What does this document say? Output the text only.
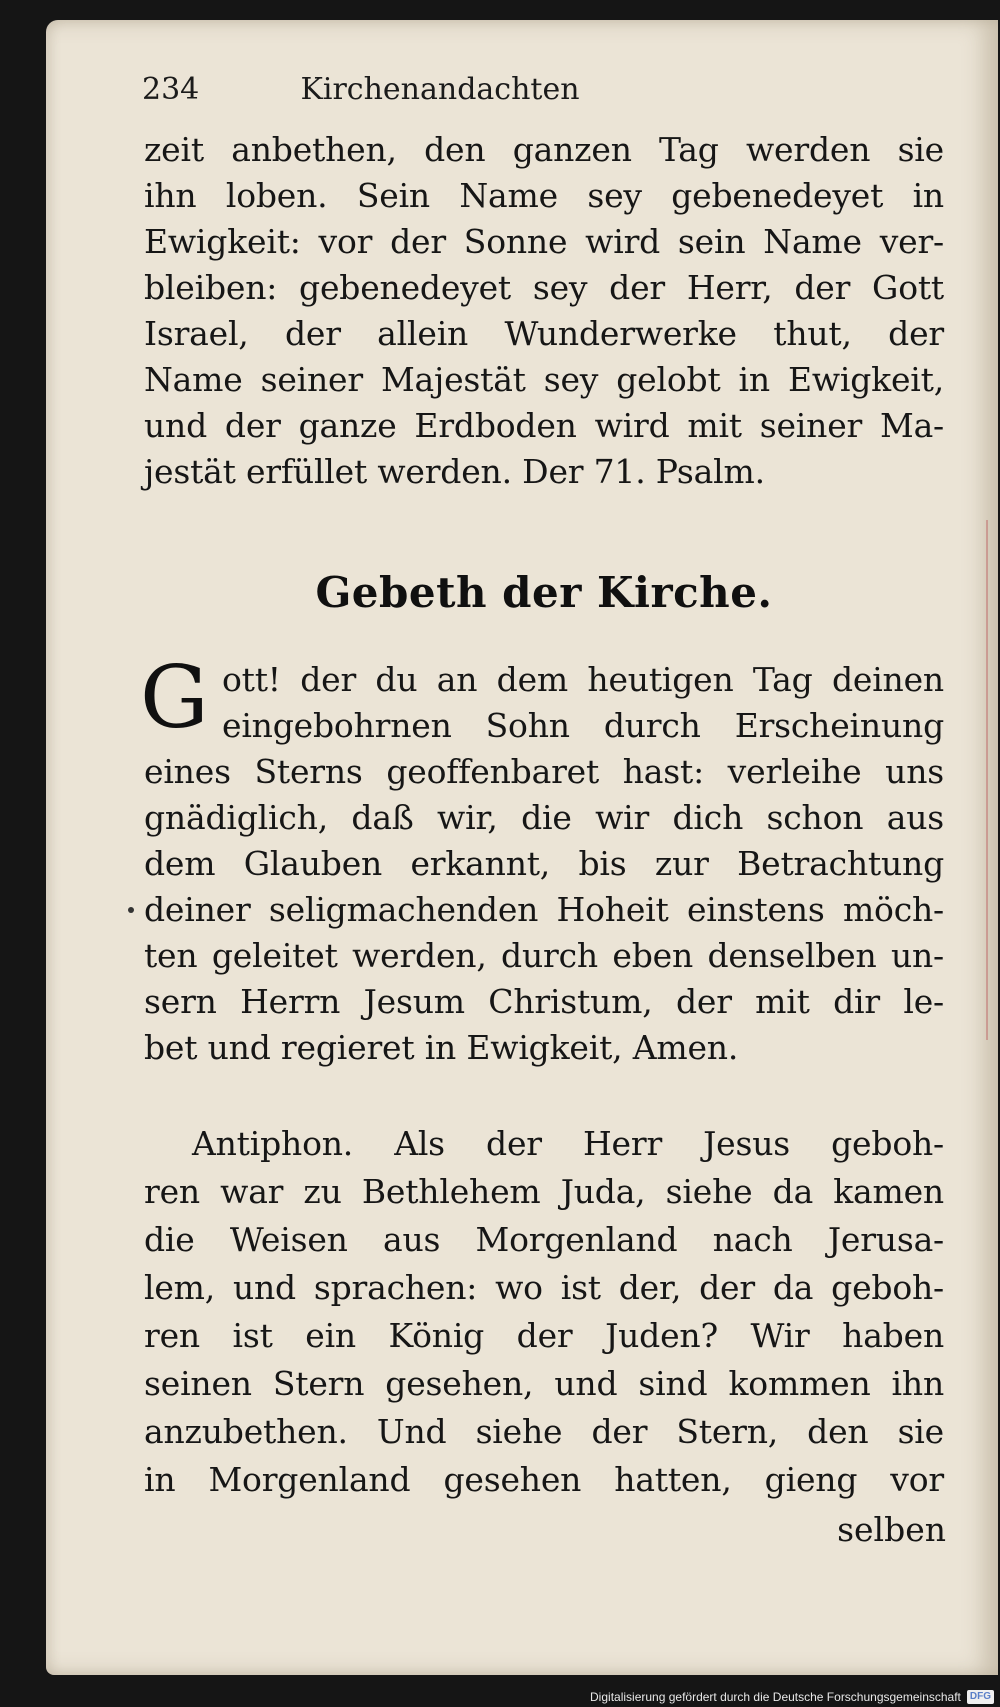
234	Kirchenandachten
zeit anbethen, den ganzen Tag werden sie
ihn loben. Sein Name sey gebenedeyet in
Ewigkeit: vor der Sonne wird sein Name ver-
bleiben: gebenedeyet sey der Herr, der Gott
Israel, der allein Wunderwerke thut, der
Name seiner Majestät sey gelobt in Ewigkeit,
und der ganze Erdboden wird mit seiner Ma-
jestät erfüllet werden. Der 71. Psalm.
Gebeth der Kirche.
G ott! der du an dem heutigen Tag deinen
eingebohrnen Sohn durch Erscheinung
eines Sterns geoffenbaret hast: verleihe uns
gnädiglich, daß wir, die wir dich schon aus
dem Glauben erkannt, bis zur Betrachtung
deiner seligmachenden Hoheit einstens möch-
ten geleitet werden, durch eben denselben un-
sern Herrn Jesum Christum, der mit dir le-
bet und regieret in Ewigkeit, Amen.
Antiphon. Als der Herr Jesus geboh-
ren war zu Bethlehem Juda, siehe da kamen
die Weisen aus Morgenland nach Jerusa-
lem, und sprachen: wo ist der, der da geboh-
ren ist ein König der Juden? Wir haben
seinen Stern gesehen, und sind kommen ihn
anzubethen. Und siehe der Stern, den sie
in Morgenland gesehen hatten, gieng vor
selben
Digitalisierung gefördert durch die Deutsche Forschungsgemeinschaft DFG
